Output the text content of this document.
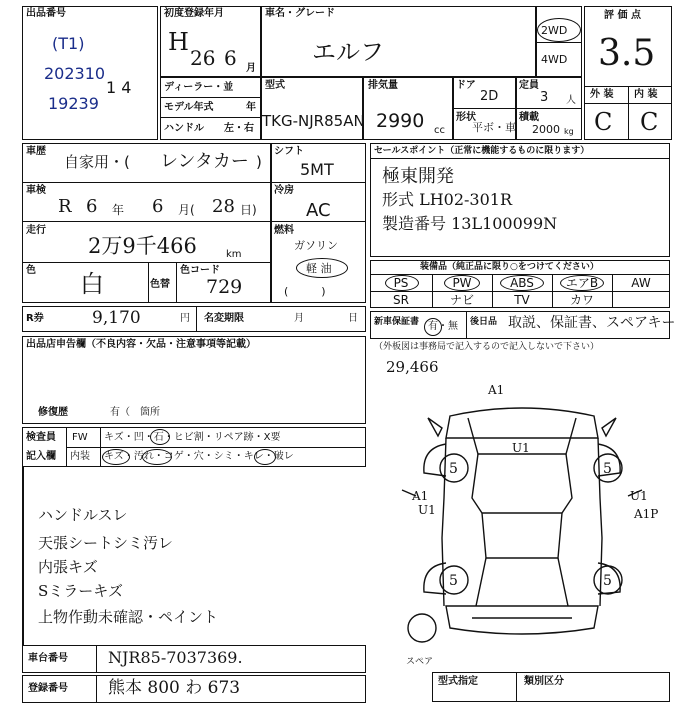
出品番号
(T1)
202310
1 4
19239
初度登録年月
H
26 6 月
車名・グレード
エルフ
2WD
4WD
ディーラー・並
モデル年式	年
ハンドル 左・右
型式
TKG-NJR85AN
排気量
2990 cc
ドア
2D
定員
3 人
形状
平ボ・車
積載
2000 kg
評 価 点
3.5
外 装 内 装
C C
車歴
自家用・( レンタカー )
シフト
5MT
車検
R 6 年 6 月( 28 日)
冷房
AC
走行
2万9千466	km
燃料
ガソリン
軽 油
(　　　)
色 白	色替
色コード
729
R券	9,170	円 名変期限	月	日
セールスポイント（正常に機能するものに限ります）
極東開発
形式 LH02-301R
製造番号 13L100099N
装備品（純正品に限り○をつけてください）
PS	PW	ABS	エアB	AW
SR	ナビ	TV	カワ
新車保証書 有・無 後日品 取説、保証書、スペアキー
出品店申告欄（不良内容・欠品・注意事項等記載）
修復歴	有（　箇所
検査員
記入欄
FW キズ・凹・石・ヒビ割・リペア跡・X要
内装 キズ・汚れ・コゲ・穴・シミ・キレ・破レ
ハンドルスレ
天張シートシミ汚レ
内張キズ
Sミラーキズ
上物作動未確認・ペイント
（外板図は事務局で記入するので記入しないで下さい）
29,466
A1
U1
5	5
5	5
A1
U1
U1
A1P
スペア
車台番号	NJR85-7037369.
登録番号 熊本 800 わ 673	型式指定	類別区分
